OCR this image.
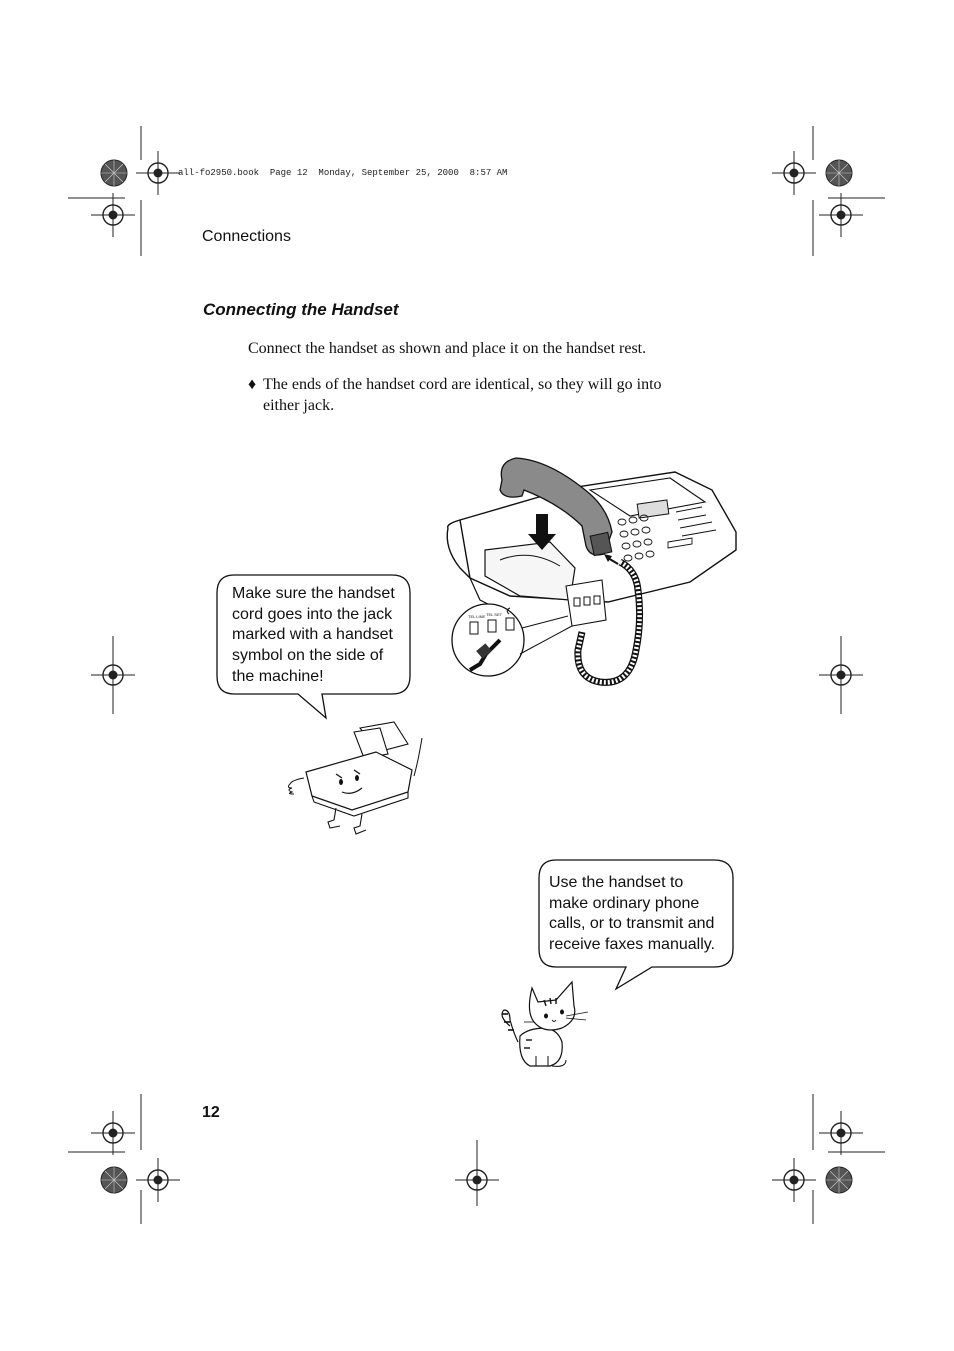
all-fo2950.book  Page 12  Monday, September 25, 2000  8:57 AM
Connections
Connecting the Handset
Connect the handset as shown and place it on the handset rest.
♦ The ends of the handset cord are identical, so they will go into
either jack.
TEL LINE TEL SET
Make sure the handset
cord goes into the jack
marked with a handset
symbol on the side of
the machine!
Use the handset to
make ordinary phone
calls, or to transmit and
receive faxes manually.
12
